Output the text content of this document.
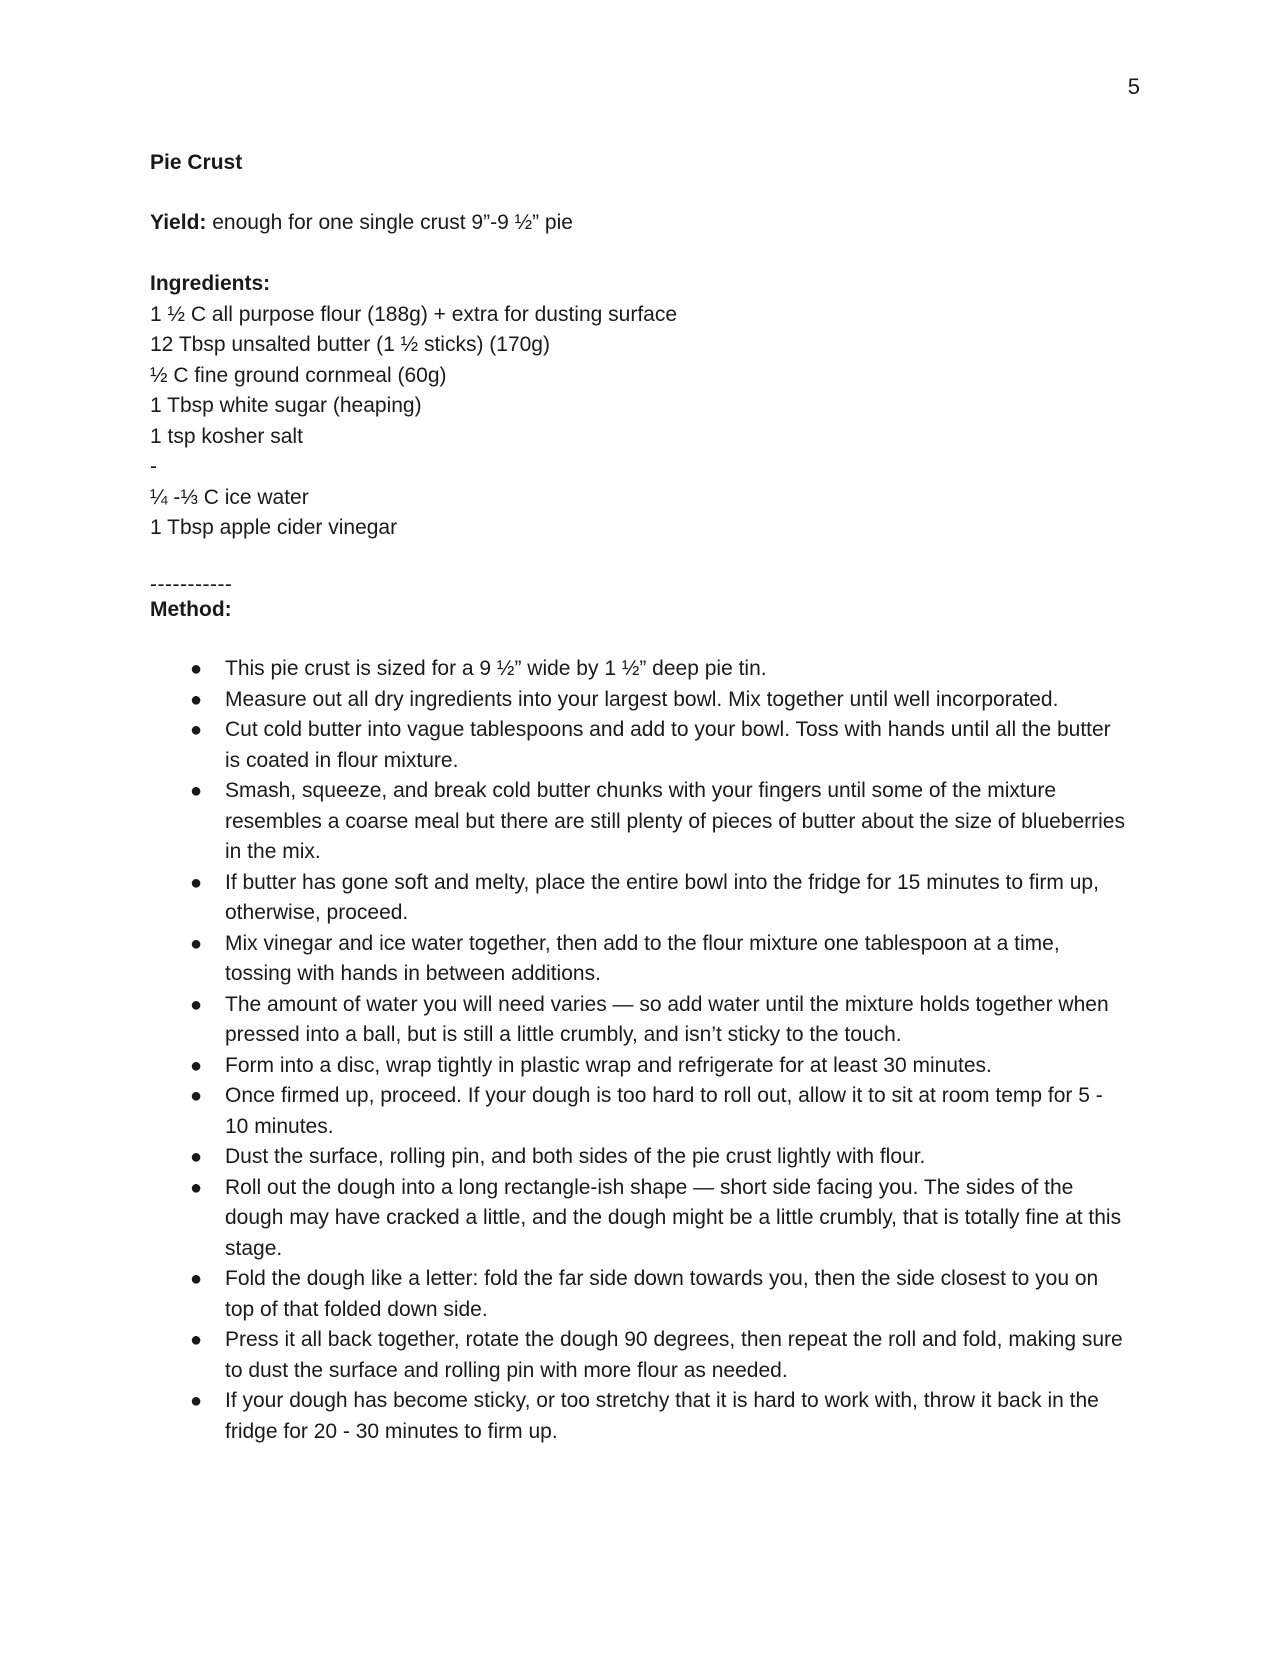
5
Pie Crust
Yield: enough for one single crust 9”-9 ½” pie
Ingredients:
1 ½ C all purpose flour (188g) + extra for dusting surface
12 Tbsp unsalted butter (1 ½ sticks) (170g)
½ C fine ground cornmeal (60g)
1 Tbsp white sugar (heaping)
1 tsp kosher salt
-
¼ -⅓ C ice water
1 Tbsp apple cider vinegar
-----------
Method:
● This pie crust is sized for a 9 ½” wide by 1 ½” deep pie tin.
● Measure out all dry ingredients into your largest bowl. Mix together until well incorporated.
● Cut cold butter into vague tablespoons and add to your bowl. Toss with hands until all the butter is coated in flour mixture.
● Smash, squeeze, and break cold butter chunks with your fingers until some of the mixture resembles a coarse meal but there are still plenty of pieces of butter about the size of blueberries in the mix.
● If butter has gone soft and melty, place the entire bowl into the fridge for 15 minutes to firm up, otherwise, proceed.
● Mix vinegar and ice water together, then add to the flour mixture one tablespoon at a time, tossing with hands in between additions.
● The amount of water you will need varies — so add water until the mixture holds together when pressed into a ball, but is still a little crumbly, and isn’t sticky to the touch.
● Form into a disc, wrap tightly in plastic wrap and refrigerate for at least 30 minutes.
● Once firmed up, proceed. If your dough is too hard to roll out, allow it to sit at room temp for 5 - 10 minutes.
● Dust the surface, rolling pin, and both sides of the pie crust lightly with flour.
● Roll out the dough into a long rectangle-ish shape — short side facing you. The sides of the dough may have cracked a little, and the dough might be a little crumbly, that is totally fine at this stage.
● Fold the dough like a letter: fold the far side down towards you, then the side closest to you on top of that folded down side.
● Press it all back together, rotate the dough 90 degrees, then repeat the roll and fold, making sure to dust the surface and rolling pin with more flour as needed.
● If your dough has become sticky, or too stretchy that it is hard to work with, throw it back in the fridge for 20 - 30 minutes to firm up.
